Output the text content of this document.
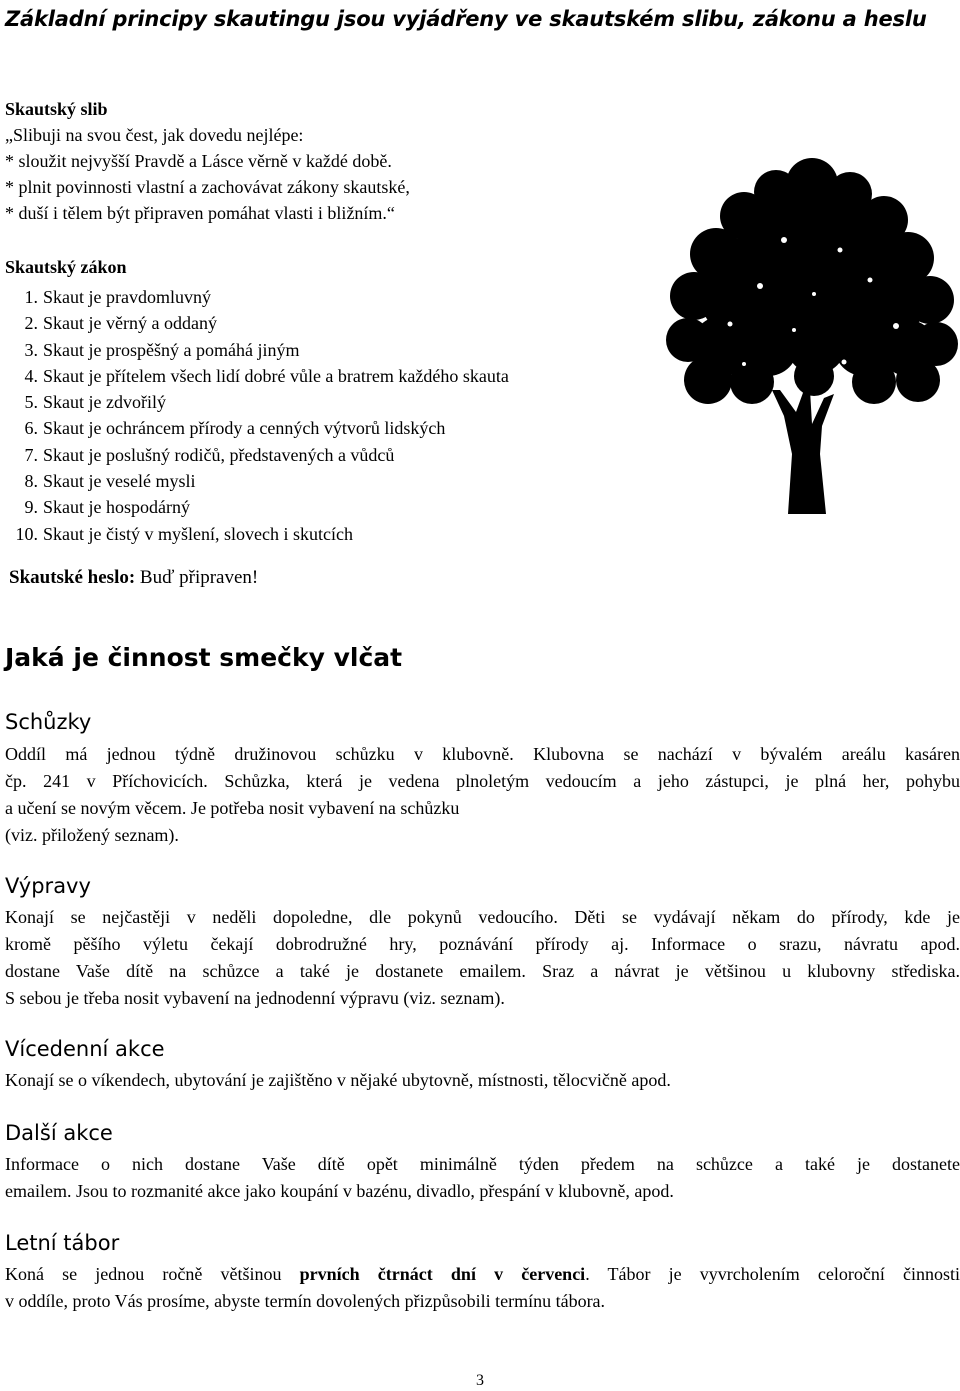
Základní principy skautingu jsou vyjádřeny ve skautském slibu, zákonu a heslu
Skautský slib
„Slibuji na svou čest, jak dovedu nejlépe:
* sloužit nejvyšší Pravdě a Lásce věrně v každé době.
* plnit povinnosti vlastní a zachovávat zákony skautské,
* duší i tělem být připraven pomáhat vlasti i bližním.“
Skautský zákon
1. Skaut je pravdomluvný
2. Skaut je věrný a oddaný
3. Skaut je prospěšný a pomáhá jiným
4. Skaut je přítelem všech lidí dobré vůle a bratrem každého skauta
5. Skaut je zdvořilý
6. Skaut je ochráncem přírody a cenných výtvorů lidských
7. Skaut je poslušný rodičů, představených a vůdců
8. Skaut je veselé mysli
9. Skaut je hospodárný
10. Skaut je čistý v myšlení, slovech i skutcích
Skautské heslo: Buď připraven!
Jaká je činnost smečky vlčat
Schůzky
Oddíl má jednou týdně družinovou schůzku v klubovně. Klubovna se nachází v bývalém areálu kasáren
čp. 241 v Příchovicích. Schůzka, která je vedena plnoletým vedoucím a jeho zástupci, je plná her, pohybu
a učení se novým věcem. Je potřeba nosit vybavení na schůzku
(viz. přiložený seznam).
Výpravy
Konají se nejčastěji v neděli dopoledne, dle pokynů vedoucího. Děti se vydávají někam do přírody, kde je
kromě pěšího výletu čekají dobrodružné hry, poznávání přírody aj. Informace o srazu, návratu apod.
dostane Vaše dítě na schůzce a také je dostanete emailem. Sraz a návrat je většinou u klubovny střediska.
S sebou je třeba nosit vybavení na jednodenní výpravu (viz. seznam).
Vícedenní akce
Konají se o víkendech, ubytování je zajištěno v nějaké ubytovně, místnosti, tělocvičně apod.
Další akce
Informace o nich dostane Vaše dítě opět minimálně týden předem na schůzce a také je dostanete
emailem. Jsou to rozmanité akce jako koupání v bazénu, divadlo, přespání v klubovně, apod.
Letní tábor
Koná se jednou ročně většinou prvních čtrnáct dní v červenci. Tábor je vyvrcholením celoroční činnosti
v oddíle, proto Vás prosíme, abyste termín dovolených přizpůsobili termínu tábora.
3
